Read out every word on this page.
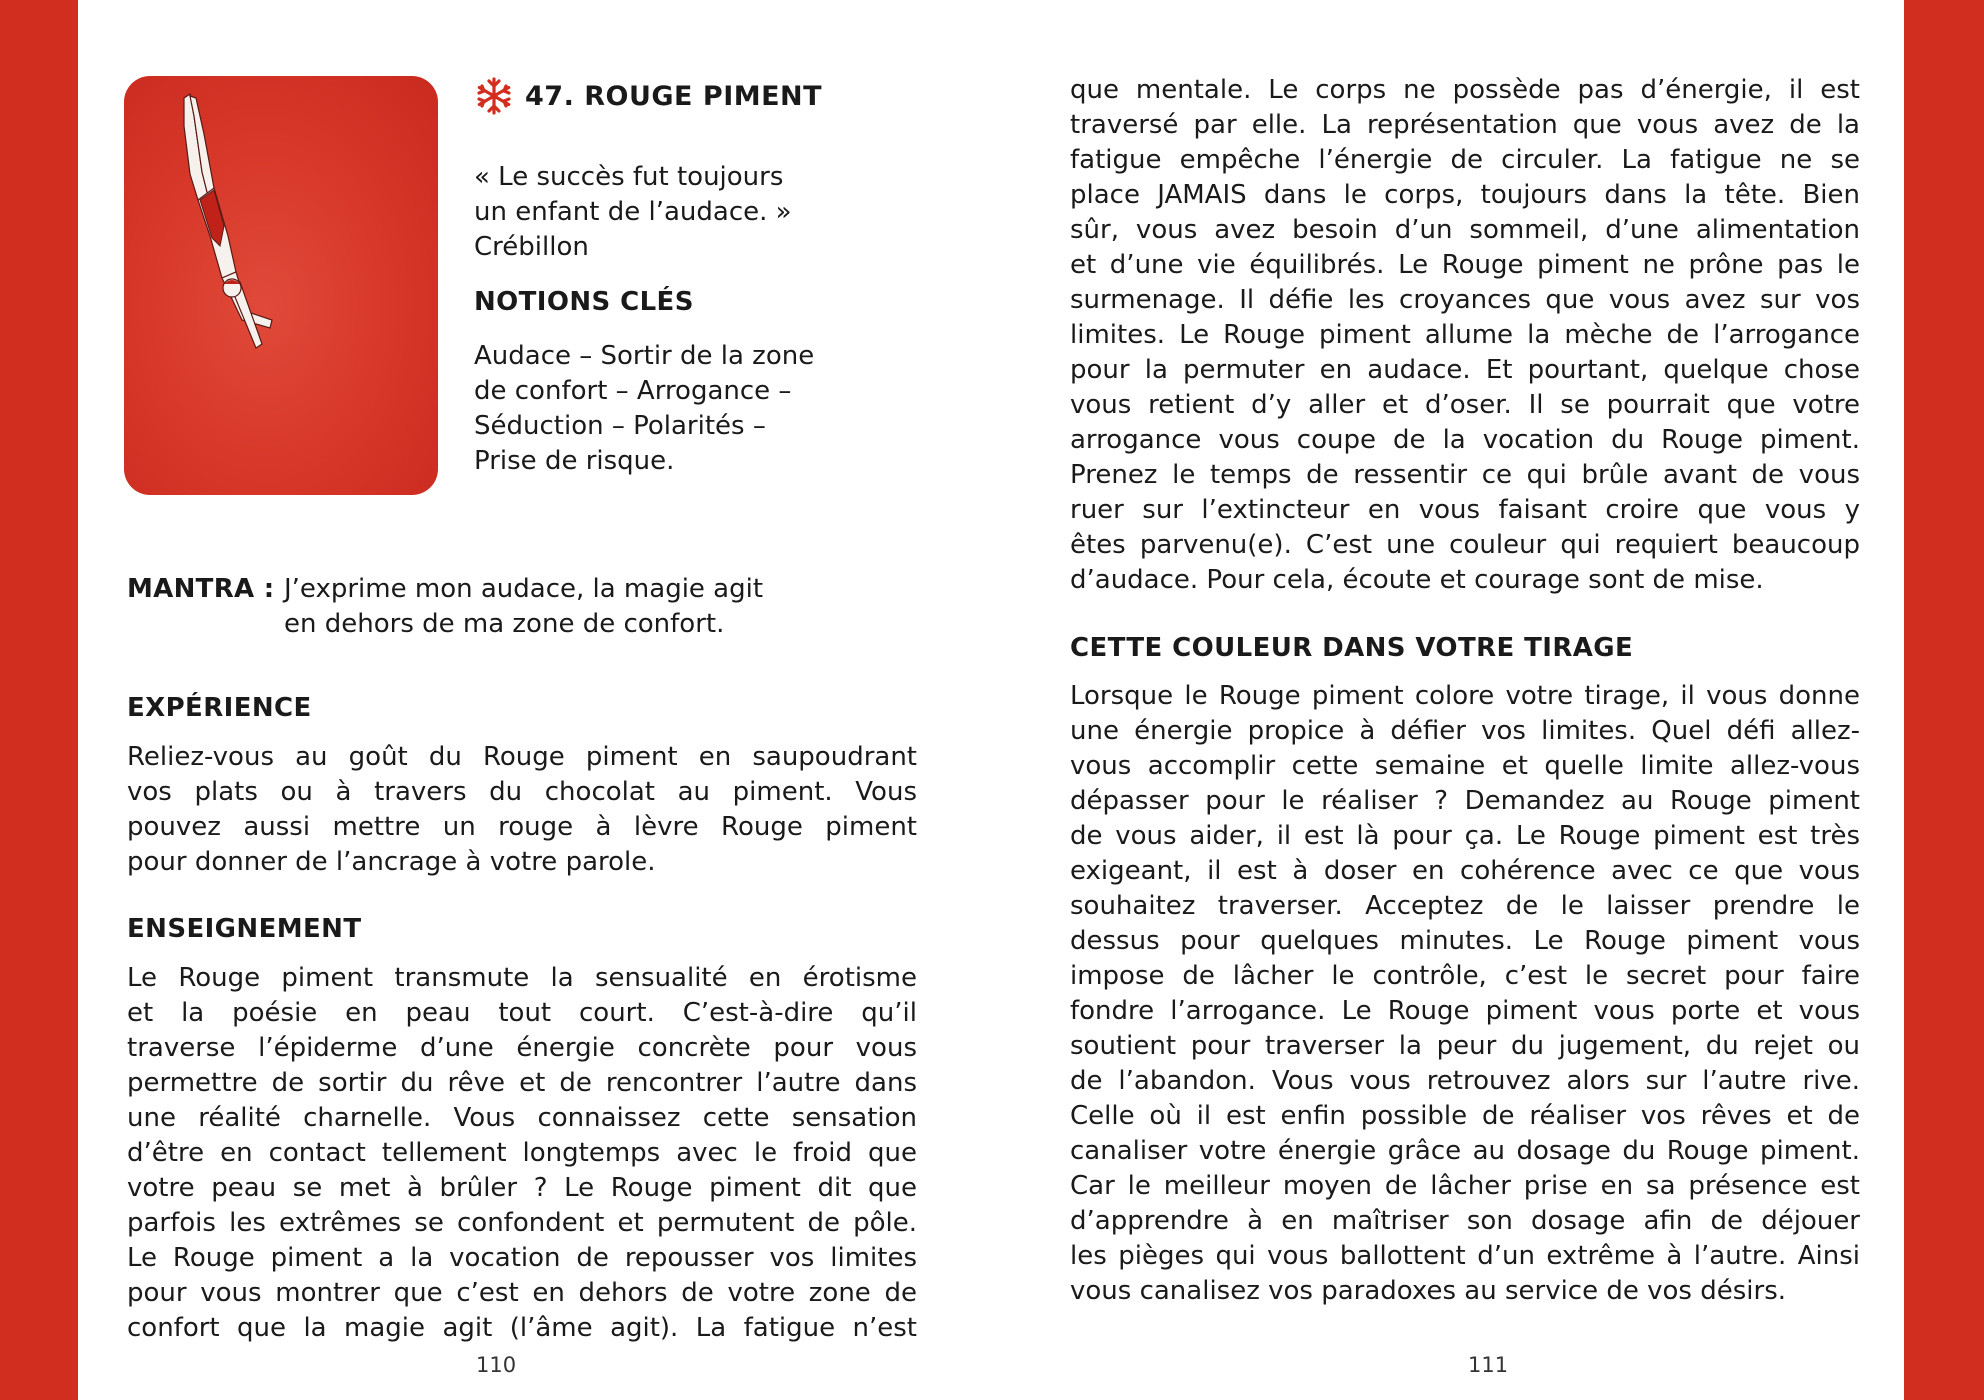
47. ROUGE PIMENT
« Le succès fut toujours
un enfant de l’audace. »
Crébillon
NOTIONS CLÉS
Audace – Sortir de la zone
de confort – Arrogance –
Séduction – Polarités –
Prise de risque.
MANTRA : J’exprime mon audace, la magie agit
en dehors de ma zone de confort.
EXPÉRIENCE
Reliez-vous au goût du Rouge piment en saupoudrant
vos plats ou à travers du chocolat au piment. Vous
pouvez aussi mettre un rouge à lèvre Rouge piment
pour donner de l’ancrage à votre parole.
ENSEIGNEMENT
Le Rouge piment transmute la sensualité en érotisme
et la poésie en peau tout court. C’est-à-dire qu’il
traverse l’épiderme d’une énergie concrète pour vous
permettre de sortir du rêve et de rencontrer l’autre dans
une réalité charnelle. Vous connaissez cette sensation
d’être en contact tellement longtemps avec le froid que
votre peau se met à brûler ? Le Rouge piment dit que
parfois les extrêmes se confondent et permutent de pôle.
Le Rouge piment a la vocation de repousser vos limites
pour vous montrer que c’est en dehors de votre zone de
confort que la magie agit (l’âme agit). La fatigue n’est
110
que mentale. Le corps ne possède pas d’énergie, il est
traversé par elle. La représentation que vous avez de la
fatigue empêche l’énergie de circuler. La fatigue ne se
place JAMAIS dans le corps, toujours dans la tête. Bien
sûr, vous avez besoin d’un sommeil, d’une alimentation
et d’une vie équilibrés. Le Rouge piment ne prône pas le
surmenage. Il défie les croyances que vous avez sur vos
limites. Le Rouge piment allume la mèche de l’arrogance
pour la permuter en audace. Et pourtant, quelque chose
vous retient d’y aller et d’oser. Il se pourrait que votre
arrogance vous coupe de la vocation du Rouge piment.
Prenez le temps de ressentir ce qui brûle avant de vous
ruer sur l’extincteur en vous faisant croire que vous y
êtes parvenu(e). C’est une couleur qui requiert beaucoup
d’audace. Pour cela, écoute et courage sont de mise.
CETTE COULEUR DANS VOTRE TIRAGE
Lorsque le Rouge piment colore votre tirage, il vous donne
une énergie propice à défier vos limites. Quel défi allez-
vous accomplir cette semaine et quelle limite allez-vous
dépasser pour le réaliser ? Demandez au Rouge piment
de vous aider, il est là pour ça. Le Rouge piment est très
exigeant, il est à doser en cohérence avec ce que vous
souhaitez traverser. Acceptez de le laisser prendre le
dessus pour quelques minutes. Le Rouge piment vous
impose de lâcher le contrôle, c’est le secret pour faire
fondre l’arrogance. Le Rouge piment vous porte et vous
soutient pour traverser la peur du jugement, du rejet ou
de l’abandon. Vous vous retrouvez alors sur l’autre rive.
Celle où il est enfin possible de réaliser vos rêves et de
canaliser votre énergie grâce au dosage du Rouge piment.
Car le meilleur moyen de lâcher prise en sa présence est
d’apprendre à en maîtriser son dosage afin de déjouer
les pièges qui vous ballottent d’un extrême à l’autre. Ainsi
vous canalisez vos paradoxes au service de vos désirs.
111
